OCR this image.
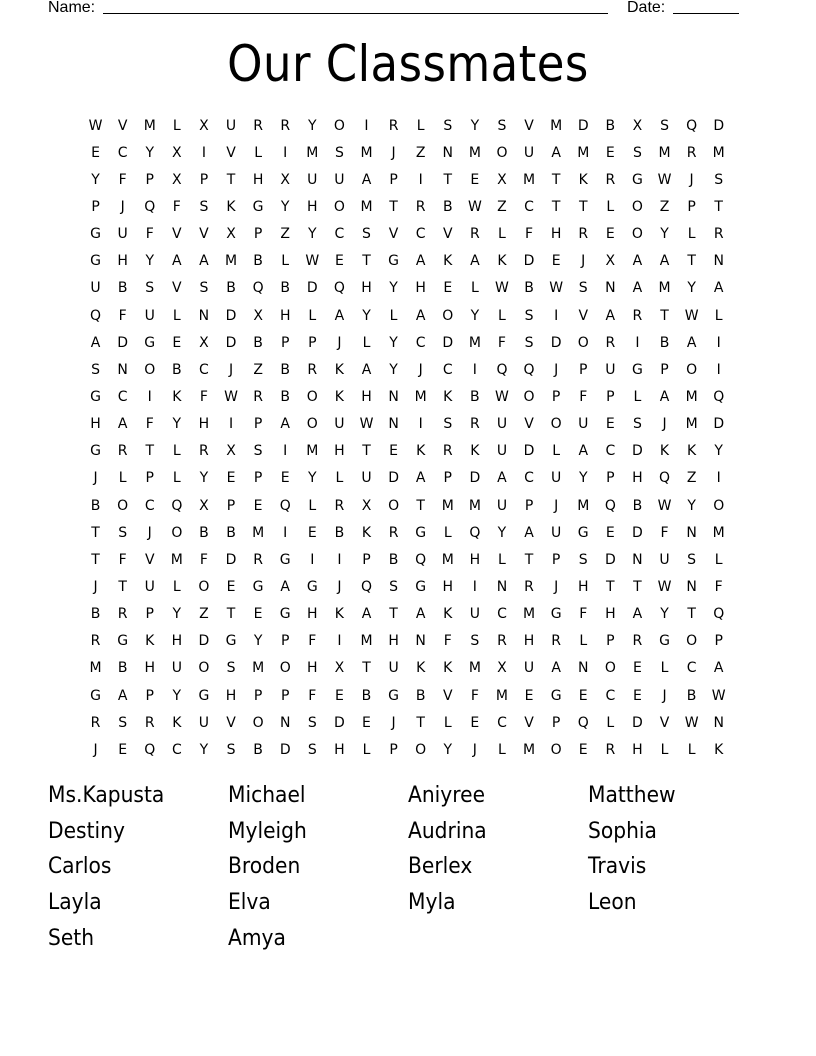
Name:	Date:
Our Classmates
W	V	M	L	X	U	R	R	Y	O	I	R	L	S	Y	S	V	M	D	B	X	S	Q	D
E	C	Y	X	I	V	L	I	M	S	M	J	Z	N	M	O	U	A	M	E	S	M	R	M
Y	F	P	X	P	T	H	X	U	U	A	P	I	T	E	X	M	T	K	R	G	W	J	S
P	J	Q	F	S	K	G	Y	H	O	M	T	R	B	W	Z	C	T	T	L	O	Z	P	T
G	U	F	V	V	X	P	Z	Y	C	S	V	C	V	R	L	F	H	R	E	O	Y	L	R
G	H	Y	A	A	M	B	L	W	E	T	G	A	K	A	K	D	E	J	X	A	A	T	N
U	B	S	V	S	B	Q	B	D	Q	H	Y	H	E	L	W	B	W	S	N	A	M	Y	A
Q	F	U	L	N	D	X	H	L	A	Y	L	A	O	Y	L	S	I	V	A	R	T	W	L
A	D	G	E	X	D	B	P	P	J	L	Y	C	D	M	F	S	D	O	R	I	B	A	I
S	N	O	B	C	J	Z	B	R	K	A	Y	J	C	I	Q	Q	J	P	U	G	P	O	I
G	C	I	K	F	W	R	B	O	K	H	N	M	K	B	W	O	P	F	P	L	A	M	Q
H	A	F	Y	H	I	P	A	O	U	W	N	I	S	R	U	V	O	U	E	S	J	M	D
G	R	T	L	R	X	S	I	M	H	T	E	K	R	K	U	D	L	A	C	D	K	K	Y
J	L	P	L	Y	E	P	E	Y	L	U	D	A	P	D	A	C	U	Y	P	H	Q	Z	I
B	O	C	Q	X	P	E	Q	L	R	X	O	T	M	M	U	P	J	M	Q	B	W	Y	O
T	S	J	O	B	B	M	I	E	B	K	R	G	L	Q	Y	A	U	G	E	D	F	N	M
T	F	V	M	F	D	R	G	I	I	P	B	Q	M	H	L	T	P	S	D	N	U	S	L
J	T	U	L	O	E	G	A	G	J	Q	S	G	H	I	N	R	J	H	T	T	W	N	F
B	R	P	Y	Z	T	E	G	H	K	A	T	A	K	U	C	M	G	F	H	A	Y	T	Q
R	G	K	H	D	G	Y	P	F	I	M	H	N	F	S	R	H	R	L	P	R	G	O	P
M	B	H	U	O	S	M	O	H	X	T	U	K	K	M	X	U	A	N	O	E	L	C	A
G	A	P	Y	G	H	P	P	F	E	B	G	B	V	F	M	E	G	E	C	E	J	B	W
R	S	R	K	U	V	O	N	S	D	E	J	T	L	E	C	V	P	Q	L	D	V	W	N
J	E	Q	C	Y	S	B	D	S	H	L	P	O	Y	J	L	M	O	E	R	H	L	L	K
Ms.Kapusta
Destiny
Carlos
Layla
Seth
Michael
Myleigh
Broden
Elva
Amya
Aniyree
Audrina
Berlex
Myla
Matthew
Sophia
Travis
Leon
